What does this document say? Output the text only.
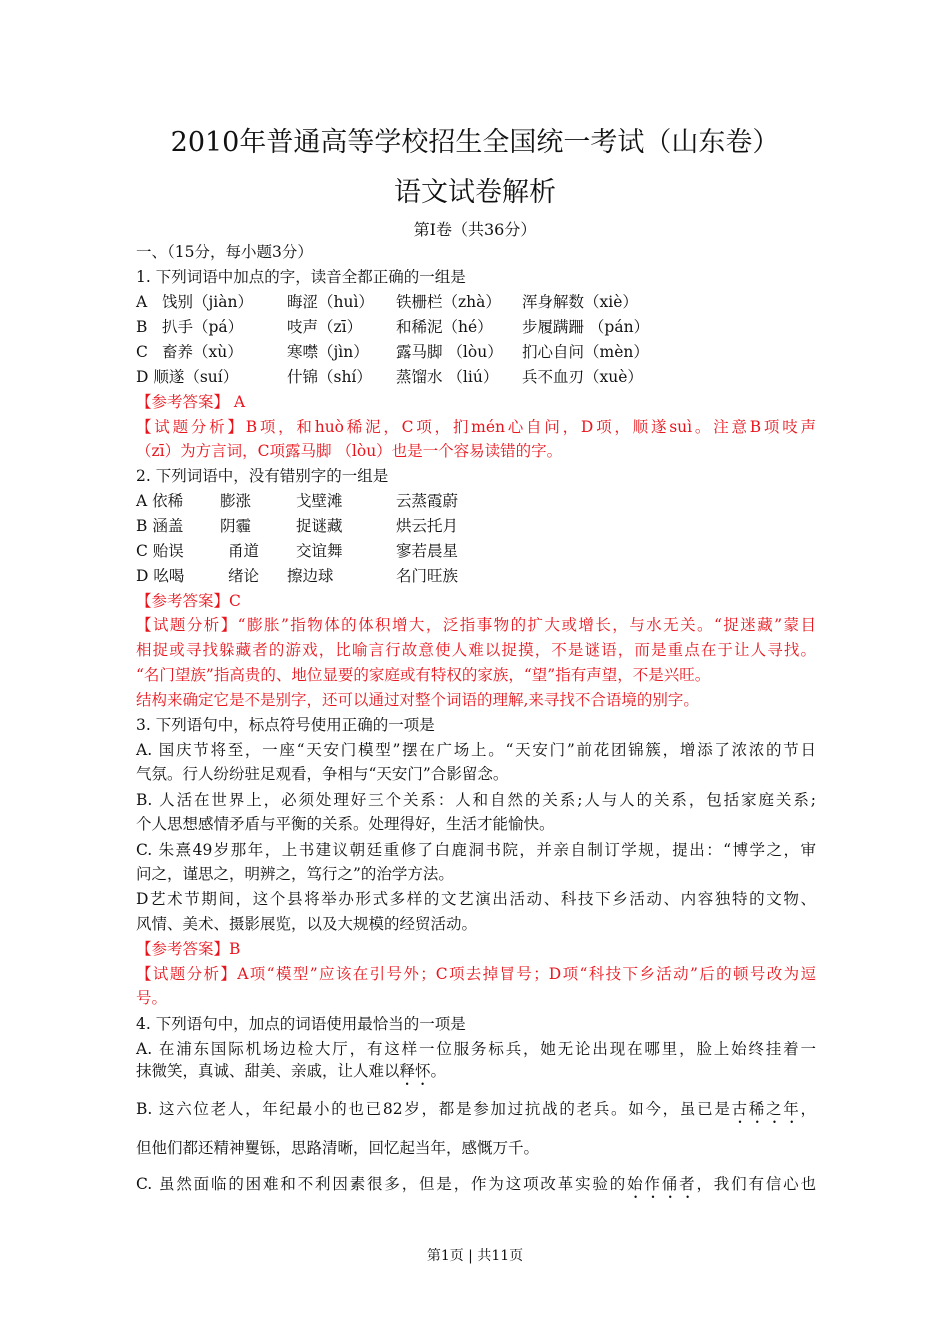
2010年普通高等学校招生全国统一考试（山东卷）
语文试卷解析
第Ⅰ卷（共36分）
一、（15分，每小题3分）
1. 下列词语中加点的字，读音全都正确的一组是
A 饯别（jiàn） 晦涩（huì） 铁栅栏（zhà） 浑身解数（xiè）
B 扒手（pá）	吱声（zī） 和稀泥（hé） 步履蹒跚 （pán）
C 畜养（xù）	寒噤（jìn） 露马脚 （lòu） 扪心自问（mèn）
D 顺遂（suí）	什锦（shí） 蒸馏水 （liú） 兵不血刃（xuè）
【参考答案】 A
【试题分析】B项，和huò稀泥，C项，扪mén心自问，D项，顺遂suì。注意B项吱声
（zī）为方言词，C项露马脚 （lòu）也是一个容易读错的字。
2. 下列词语中，没有错别字的一组是
A 依稀 膨涨	戈壁滩	云蒸霞蔚
B 涵盖 阴霾	捉谜藏	烘云托月
C 贻误	甬道 交谊舞	寥若晨星
D 吆喝	绪论 擦边球	名门旺族
【参考答案】C
【试题分析】“膨胀”指物体的体积增大，泛指事物的扩大或增长，与水无关。“捉迷藏”蒙目
相捉或寻找躲藏者的游戏，比喻言行故意使人难以捉摸，不是谜语，而是重点在于让人寻找。
“名门望族”指高贵的、地位显要的家庭或有特权的家族，“望”指有声望，不是兴旺。
结构来确定它是不是别字，还可以通过对整个词语的理解,来寻找不合语境的别字。
3. 下列语句中，标点符号使用正确的一项是
A. 国庆节将至，一座“天安门模型”摆在广场上。“天安门”前花团锦簇，增添了浓浓的节日
气氛。行人纷纷驻足观看，争相与“天安门”合影留念。
B. 人活在世界上，必须处理好三个关系：人和自然的关系;人与人的关系，包括家庭关系;
个人思想感情矛盾与平衡的关系。处理得好，生活才能愉快。
C. 朱熹49岁那年，上书建议朝廷重修了白鹿洞书院，并亲自制订学规，提出：“博学之，审
问之，谨思之，明辨之，笃行之”的治学方法。
D艺术节期间，这个县将举办形式多样的文艺演出活动、科技下乡活动、内容独特的文物、
风情、美术、摄影展览，以及大规模的经贸活动。
【参考答案】B
【试题分析】A项“模型”应该在引号外；C项去掉冒号；D项“科技下乡活动”后的顿号改为逗
号。
4. 下列语句中，加点的词语使用最恰当的一项是
A. 在浦东国际机场边检大厅，有这样一位服务标兵，她无论出现在哪里，脸上始终挂着一
抹微笑，真诚、甜美、亲戚，让人难以释怀。
B. 这六位老人，年纪最小的也已82岁，都是参加过抗战的老兵。如今，虽已是古稀之年，
但他们都还精神矍铄，思路清晰，回忆起当年，感慨万千。
C. 虽然面临的困难和不利因素很多，但是，作为这项改革实验的始作俑者，我们有信心也
第1页 | 共11页
